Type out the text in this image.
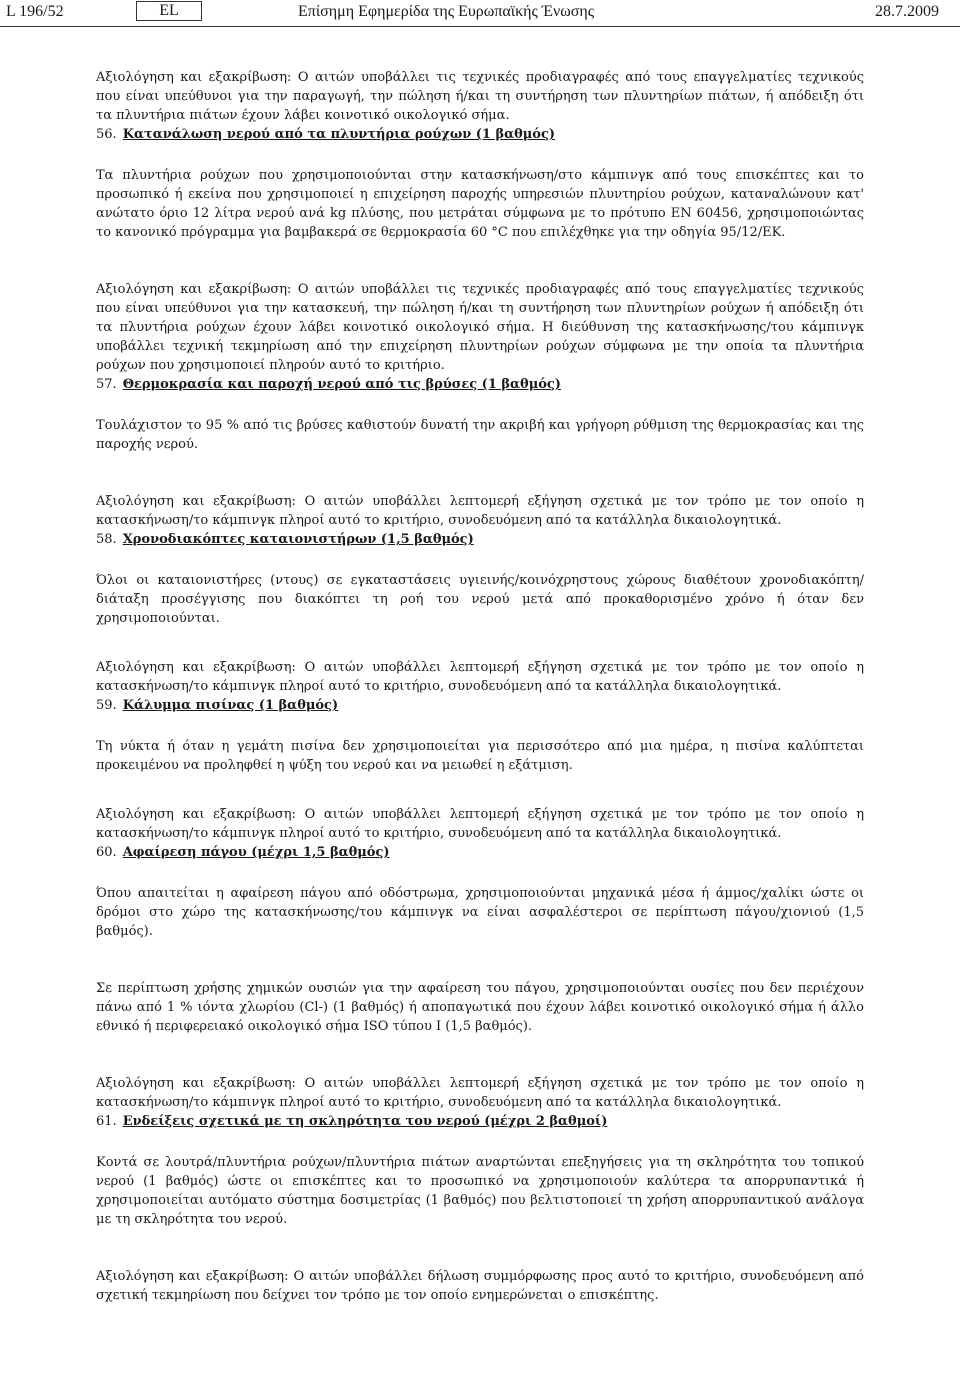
L 196/52	EL	Επίσημη Εφημερίδα της Ευρωπαϊκής Ένωσης	28.7.2009

Αξιολόγηση και εξακρίβωση: Ο αιτών υποβάλλει τις τεχνικές προδιαγραφές από τους επαγγελματίες τεχνικούς που είναι υπεύθυνοι για την παραγωγή, την πώληση ή/και τη συντήρηση των πλυντηρίων πιάτων, ή απόδειξη ότι τα πλυντήρια πιάτων έχουν λάβει κοινοτικό οικολογικό σήμα.

56. Κατανάλωση νερού από τα πλυντήρια ρούχων (1 βαθμός)

Τα πλυντήρια ρούχων που χρησιμοποιούνται στην κατασκήνωση/στο κάμπινγκ από τους επισκέπτες και το προσωπικό ή εκείνα που χρησιμοποιεί η επιχείρηση παροχής υπηρεσιών πλυντηρίου ρούχων, καταναλώνουν κατ' ανώτατο όριο 12 λίτρα νερού ανά kg πλύσης, που μετράται σύμφωνα με το πρότυπο EN 60456, χρησιμοποιώντας το κανονικό πρόγραμμα για βαμβακερά σε θερμοκρασία 60 °C που επιλέχθηκε για την οδηγία 95/12/ΕΚ.

Αξιολόγηση και εξακρίβωση: Ο αιτών υποβάλλει τις τεχνικές προδιαγραφές από τους επαγγελματίες τεχνικούς που είναι υπεύθυνοι για την κατασκευή, την πώληση ή/και τη συντήρηση των πλυντηρίων ρούχων ή απόδειξη ότι τα πλυντήρια ρούχων έχουν λάβει κοινοτικό οικολογικό σήμα. Η διεύθυνση της κατασκήνωσης/του κάμπινγκ υποβάλλει τεχνική τεκμηρίωση από την επιχείρηση πλυντηρίων ρούχων σύμφωνα με την οποία τα πλυντήρια ρούχων που χρησιμοποιεί πληρούν αυτό το κριτήριο.

57. Θερμοκρασία και παροχή νερού από τις βρύσες (1 βαθμός)

Τουλάχιστον το 95 % από τις βρύσες καθιστούν δυνατή την ακριβή και γρήγορη ρύθμιση της θερμοκρασίας και της παροχής νερού.

Αξιολόγηση και εξακρίβωση: Ο αιτών υποβάλλει λεπτομερή εξήγηση σχετικά με τον τρόπο με τον οποίο η κατασκήνωση/το κάμπινγκ πληροί αυτό το κριτήριο, συνοδευόμενη από τα κατάλληλα δικαιολογητικά.

58. Χρονοδιακόπτες καταιονιστήρων (1,5 βαθμός)

Όλοι οι καταιονιστήρες (ντους) σε εγκαταστάσεις υγιεινής/κοινόχρηστους χώρους διαθέτουν χρονοδιακόπτη/διάταξη προσέγγισης που διακόπτει τη ροή του νερού μετά από προκαθορισμένο χρόνο ή όταν δεν χρησιμοποιούνται.

Αξιολόγηση και εξακρίβωση: Ο αιτών υποβάλλει λεπτομερή εξήγηση σχετικά με τον τρόπο με τον οποίο η κατασκήνωση/το κάμπινγκ πληροί αυτό το κριτήριο, συνοδευόμενη από τα κατάλληλα δικαιολογητικά.

59. Κάλυμμα πισίνας (1 βαθμός)

Τη νύκτα ή όταν η γεμάτη πισίνα δεν χρησιμοποιείται για περισσότερο από μια ημέρα, η πισίνα καλύπτεται προκειμένου να προληφθεί η ψύξη του νερού και να μειωθεί η εξάτμιση.

Αξιολόγηση και εξακρίβωση: Ο αιτών υποβάλλει λεπτομερή εξήγηση σχετικά με τον τρόπο με τον οποίο η κατασκήνωση/το κάμπινγκ πληροί αυτό το κριτήριο, συνοδευόμενη από τα κατάλληλα δικαιολογητικά.

60. Αφαίρεση πάγου (μέχρι 1,5 βαθμός)

Όπου απαιτείται η αφαίρεση πάγου από οδόστρωμα, χρησιμοποιούνται μηχανικά μέσα ή άμμος/χαλίκι ώστε οι δρόμοι στο χώρο της κατασκήνωσης/του κάμπινγκ να είναι ασφαλέστεροι σε περίπτωση πάγου/χιονιού (1,5 βαθμός).

Σε περίπτωση χρήσης χημικών ουσιών για την αφαίρεση του πάγου, χρησιμοποιούνται ουσίες που δεν περιέχουν πάνω από 1 % ιόντα χλωρίου (Cl-) (1 βαθμός) ή αποπαγωτικά που έχουν λάβει κοινοτικό οικολογικό σήμα ή άλλο εθνικό ή περιφερειακό οικολογικό σήμα ISO τύπου I (1,5 βαθμός).

Αξιολόγηση και εξακρίβωση: Ο αιτών υποβάλλει λεπτομερή εξήγηση σχετικά με τον τρόπο με τον οποίο η κατασκήνωση/το κάμπινγκ πληροί αυτό το κριτήριο, συνοδευόμενη από τα κατάλληλα δικαιολογητικά.

61. Ενδείξεις σχετικά με τη σκληρότητα του νερού (μέχρι 2 βαθμοί)

Κοντά σε λουτρά/πλυντήρια ρούχων/πλυντήρια πιάτων αναρτώνται επεξηγήσεις για τη σκληρότητα του τοπικού νερού (1 βαθμός) ώστε οι επισκέπτες και το προσωπικό να χρησιμοποιούν καλύτερα τα απορρυπαντικά ή χρησιμοποιείται αυτόματο σύστημα δοσιμετρίας (1 βαθμός) που βελτιστοποιεί τη χρήση απορρυπαντικού ανάλογα με τη σκληρότητα του νερού.

Αξιολόγηση και εξακρίβωση: Ο αιτών υποβάλλει δήλωση συμμόρφωσης προς αυτό το κριτήριο, συνοδευόμενη από σχετική τεκμηρίωση που δείχνει τον τρόπο με τον οποίο ενημερώνεται ο επισκέπτης.
